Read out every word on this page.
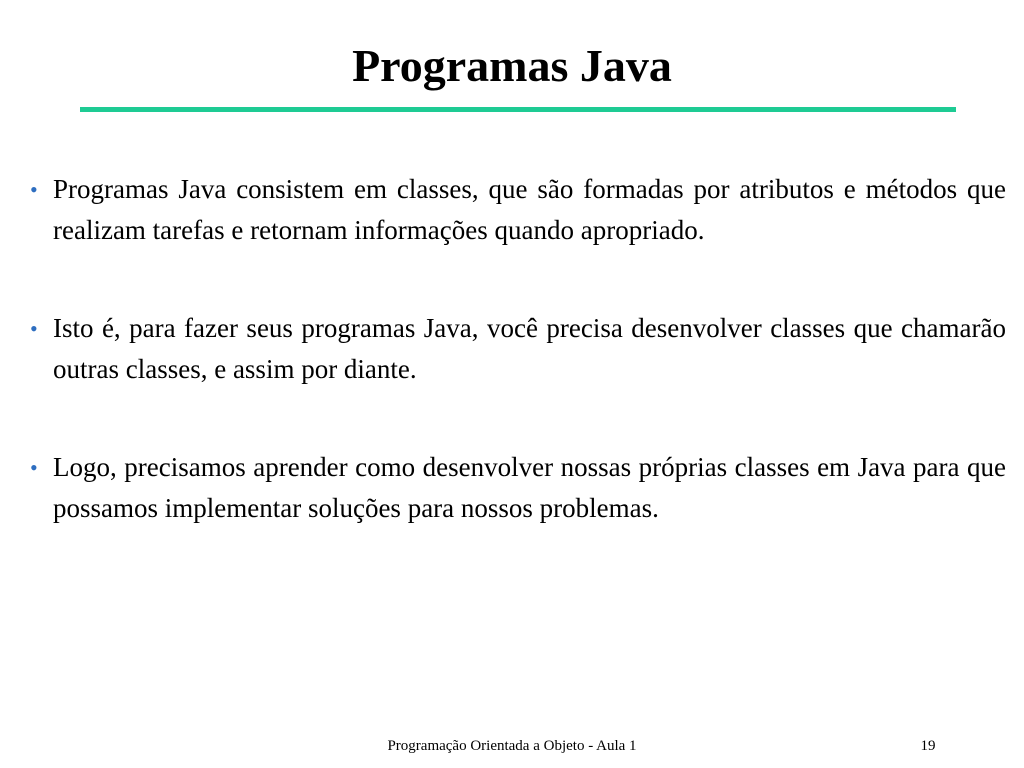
Programas Java
• Programas Java consistem em classes, que são formadas por atributos e métodos que realizam tarefas e retornam informações quando apropriado.
• Isto é, para fazer seus programas Java, você precisa desenvolver classes que chamarão outras classes, e assim por diante.
• Logo, precisamos aprender como desenvolver nossas próprias classes em Java para que possamos implementar soluções para nossos problemas.
Programação Orientada a Objeto - Aula 1	19
